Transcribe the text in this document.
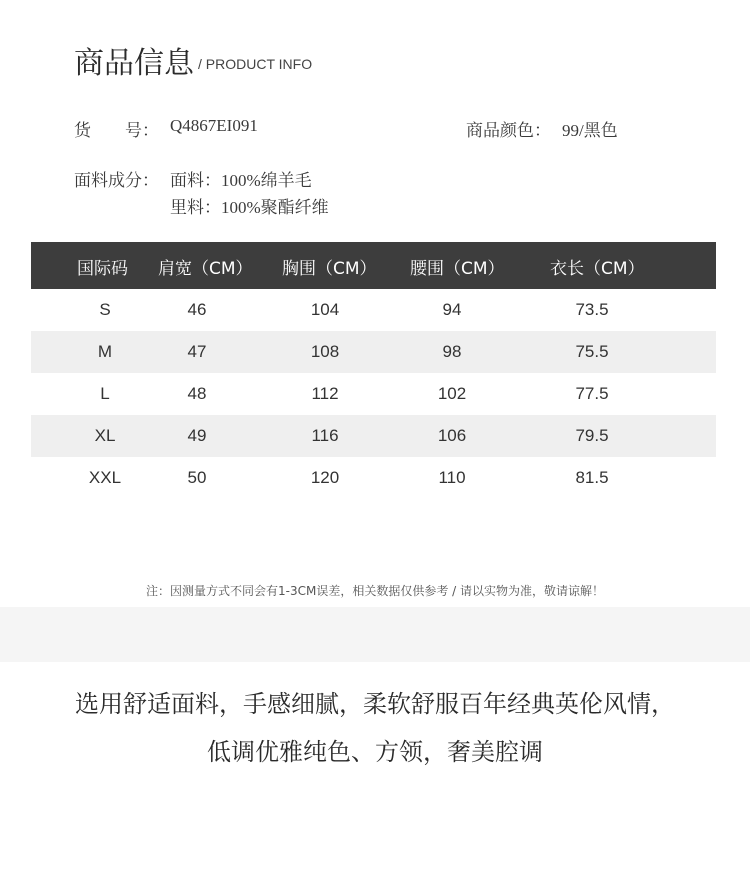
商品信息 / PRODUCT INFO
货　　号： Q4867EI091	商品颜色： 99/黑色
面料成分： 面料：100%绵羊毛
里料：100%聚酯纤维
国际码 肩宽（CM） 胸围（CM） 腰围（CM）	衣长（CM）
S	46	104	94	73.5
M	47	108	98	75.5
L	48	112	102	77.5
XL	49	116	106	79.5
XXL	50	120	110	81.5
注：因测量方式不同会有1-3CM误差，相关数据仅供参考 / 请以实物为准，敬请谅解！
选用舒适面料，手感细腻，柔软舒服百年经典英伦风情，
低调优雅纯色、方领，奢美腔调
